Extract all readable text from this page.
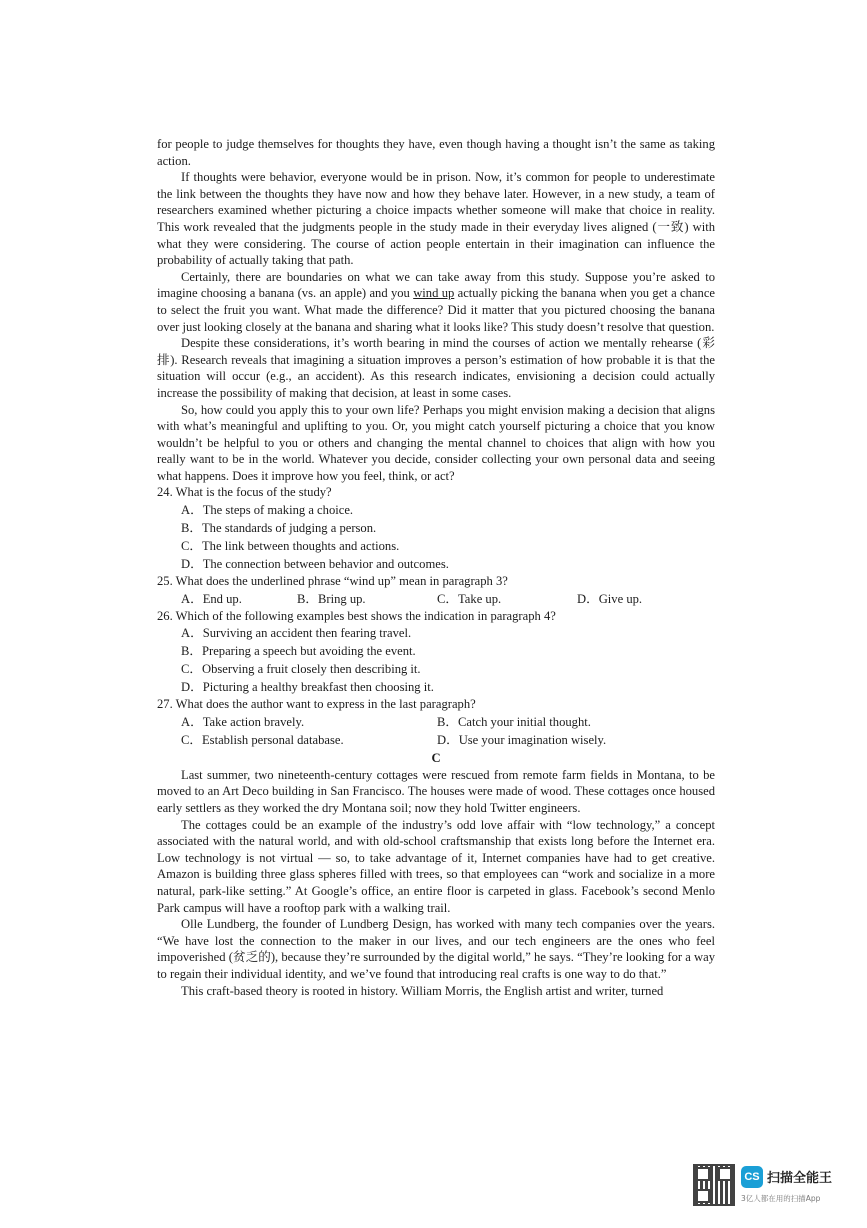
for people to judge themselves for thoughts they have, even though having a thought isn’t the same as taking action.

If thoughts were behavior, everyone would be in prison. Now, it’s common for people to underestimate the link between the thoughts they have now and how they behave later. However, in a new study, a team of researchers examined whether picturing a choice impacts whether someone will make that choice in reality. This work revealed that the judgments people in the study made in their everyday lives aligned (一致) with what they were considering. The course of action people entertain in their imagination can influence the probability of actually taking that path.

Certainly, there are boundaries on what we can take away from this study. Suppose you’re asked to imagine choosing a banana (vs. an apple) and you wind up actually picking the banana when you get a chance to select the fruit you want. What made the difference? Did it matter that you pictured choosing the banana over just looking closely at the banana and sharing what it looks like? This study doesn’t resolve that question.

Despite these considerations, it’s worth bearing in mind the courses of action we mentally rehearse (彩排). Research reveals that imagining a situation improves a person’s estimation of how probable it is that the situation will occur (e.g., an accident). As this research indicates, envisioning a decision could actually increase the possibility of making that decision, at least in some cases.

So, how could you apply this to your own life? Perhaps you might envision making a decision that aligns with what’s meaningful and uplifting to you. Or, you might catch yourself picturing a choice that you know wouldn’t be helpful to you or others and changing the mental channel to choices that align with how you really want to be in the world. Whatever you decide, consider collecting your own personal data and seeing what happens. Does it improve how you feel, think, or act?

24. What is the focus of the study?

A．The steps of making a choice.

B．The standards of judging a person.

C．The link between thoughts and actions.

D．The connection between behavior and outcomes.

25. What does the underlined phrase “wind up” mean in paragraph 3?

A．End up.	B．Bring up.	C．Take up.	D．Give up.

26. Which of the following examples best shows the indication in paragraph 4?

A．Surviving an accident then fearing travel.

B．Preparing a speech but avoiding the event.

C．Observing a fruit closely then describing it.

D．Picturing a healthy breakfast then choosing it.

27. What does the author want to express in the last paragraph?

A．Take action bravely.	B．Catch your initial thought.
C．Establish personal database.	D．Use your imagination wisely.

C

Last summer, two nineteenth-century cottages were rescued from remote farm fields in Montana, to be moved to an Art Deco building in San Francisco. The houses were made of wood. These cottages once housed early settlers as they worked the dry Montana soil; now they hold Twitter engineers.

The cottages could be an example of the industry’s odd love affair with “low technology,” a concept associated with the natural world, and with old-school craftsmanship that exists long before the Internet era. Low technology is not virtual — so, to take advantage of it, Internet companies have had to get creative. Amazon is building three glass spheres filled with trees, so that employees can “work and socialize in a more natural, park-like setting.” At Google’s office, an entire floor is carpeted in glass. Facebook’s second Menlo Park campus will have a rooftop park with a walking trail.

Olle Lundberg, the founder of Lundberg Design, has worked with many tech companies over the years. “We have lost the connection to the maker in our lives, and our tech engineers are the ones who feel impoverished (贫乏的), because they’re surrounded by the digital world,” he says. “They’re looking for a way to regain their individual identity, and we’ve found that introducing real crafts is one way to do that.”

This craft-based theory is rooted in history. William Morris, the English artist and writer, turned

CS 扫描全能王
3亿人都在用的扫描App
